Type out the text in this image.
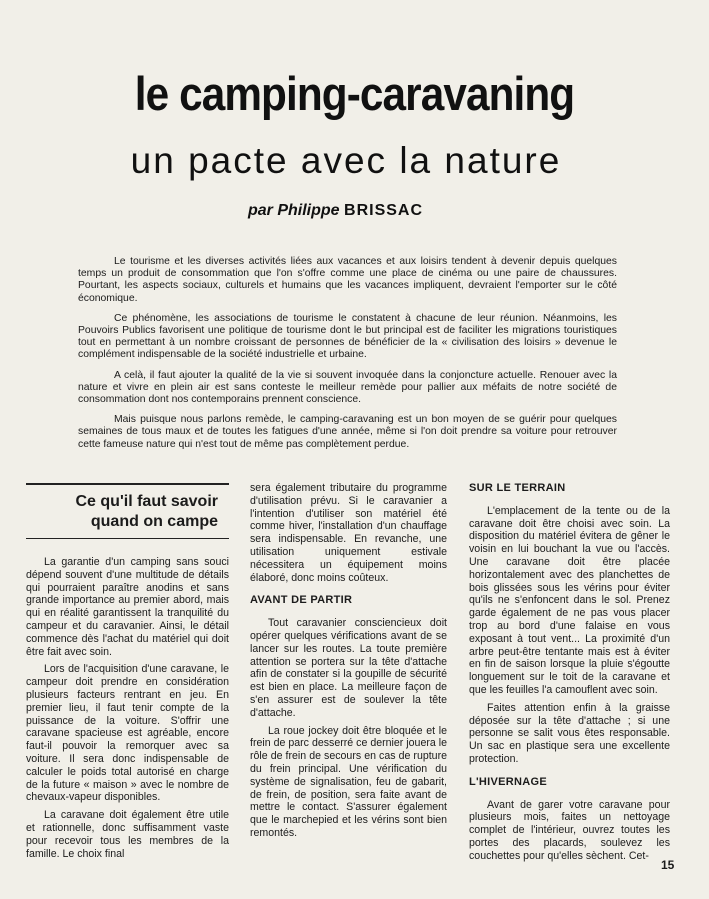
le camping-caravaning
un pacte avec la nature
par Philippe BRISSAC

Le tourisme et les diverses activités liées aux vacances et aux loisirs tendent à devenir depuis quelques temps un produit de consommation que l'on s'offre comme une place de cinéma ou une paire de chaussures. Pourtant, les aspects sociaux, culturels et humains que les vacances impliquent, devraient l'emporter sur le côté économique.

Ce phénomène, les associations de tourisme le constatent à chacune de leur réunion. Néanmoins, les Pouvoirs Publics favorisent une politique de tourisme dont le but principal est de faciliter les migrations touristiques tout en permettant à un nombre croissant de personnes de bénéficier de la « civilisation des loisirs » devenue le complément indispensable de la société industrielle et urbaine.

A celà, il faut ajouter la qualité de la vie si souvent invoquée dans la conjoncture actuelle. Renouer avec la nature et vivre en plein air est sans conteste le meilleur remède pour pallier aux méfaits de notre société de consommation dont nos contemporains prennent conscience.

Mais puisque nous parlons remède, le camping-caravaning est un bon moyen de se guérir pour quelques semaines de tous maux et de toutes les fatigues d'une année, même si l'on doit prendre sa voiture pour retrouver cette fameuse nature qui n'est tout de même pas complètement perdue.

Ce qu'il faut savoir
quand on campe

La garantie d'un camping sans souci dépend souvent d'une multitude de détails qui pourraient paraître anodins et sans grande importance au premier abord, mais qui en réalité garantissent la tranquilité du campeur et du caravanier. Ainsi, le détail commence dès l'achat du matériel qui doit être fait avec soin.

Lors de l'acquisition d'une caravane, le campeur doit prendre en considération plusieurs facteurs rentrant en jeu. En premier lieu, il faut tenir compte de la puissance de la voiture. S'offrir une caravane spacieuse est agréable, encore faut-il pouvoir la remorquer avec sa voiture. Il sera donc indispensable de calculer le poids total autorisé en charge de la future « maison » avec le nombre de chevaux-vapeur disponibles.

La caravane doit également être utile et rationnelle, donc suffisamment vaste pour recevoir tous les membres de la famille. Le choix final

sera également tributaire du programme d'utilisation prévu. Si le caravanier a l'intention d'utiliser son matériel été comme hiver, l'installation d'un chauffage sera indispensable. En revanche, une utilisation uniquement estivale nécessitera un équipement moins élaboré, donc moins coûteux.

AVANT DE PARTIR

Tout caravanier consciencieux doit opérer quelques vérifications avant de se lancer sur les routes. La toute première attention se portera sur la tête d'attache afin de constater si la goupille de sécurité est bien en place. La meilleure façon de s'en assurer est de soulever la tête d'attache.

La roue jockey doit être bloquée et le frein de parc desserré ce dernier jouera le rôle de frein de secours en cas de rupture du frein principal. Une vérification du système de signalisation, feu de gabarit, de frein, de position, sera faite avant de mettre le contact. S'assurer également que le marchepied et les vérins sont bien remontés.

SUR LE TERRAIN

L'emplacement de la tente ou de la caravane doit être choisi avec soin. La disposition du matériel évitera de gêner le voisin en lui bouchant la vue ou l'accès. Une caravane doit être placée horizontalement avec des planchettes de bois glissées sous les vérins pour éviter qu'ils ne s'enfoncent dans le sol. Prenez garde également de ne pas vous placer trop au bord d'une falaise en vous exposant à tout vent... La proximité d'un arbre peut-être tentante mais est à éviter en fin de saison lorsque la pluie s'égoutte longuement sur le toit de la caravane et que les feuilles l'a camouflent avec soin.

Faites attention enfin à la graisse déposée sur la tête d'attache ; si une personne se salit vous êtes responsable. Un sac en plastique sera une excellente protection.

L'HIVERNAGE

Avant de garer votre caravane pour plusieurs mois, faites un nettoyage complet de l'intérieur, ouvrez toutes les portes des placards, soulevez les couchettes pour qu'elles sèchent. Cet-

15
